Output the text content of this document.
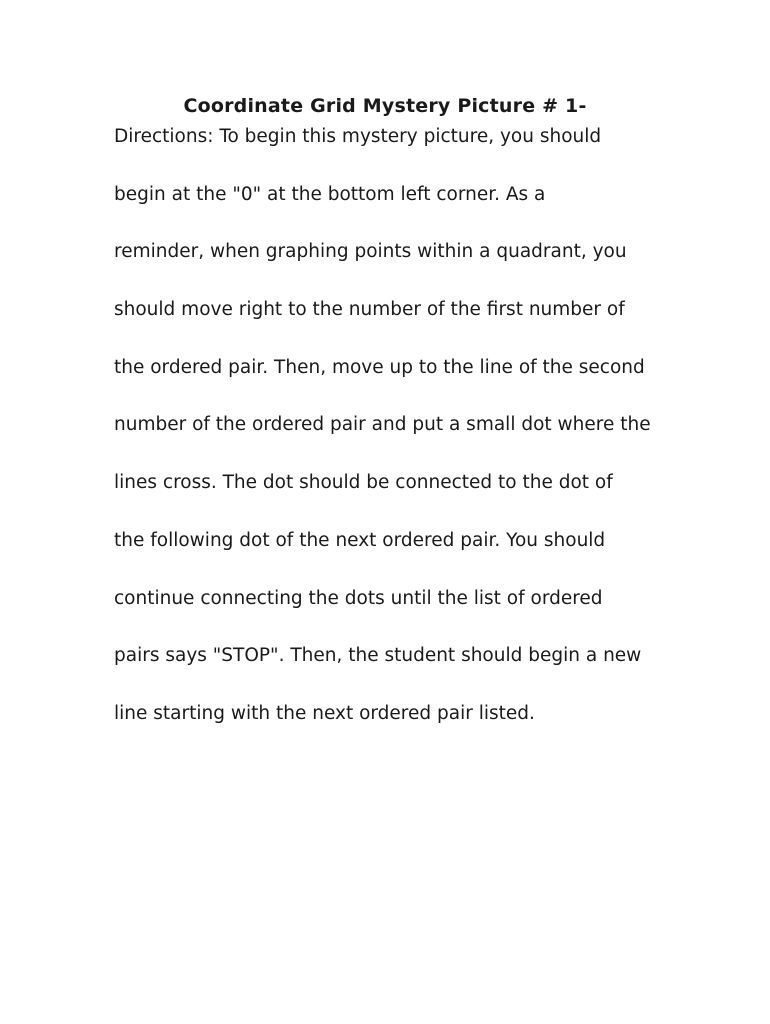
Coordinate Grid Mystery Picture # 1-
Directions: To begin this mystery picture, you should
begin at the "0" at the bottom left corner. As a
reminder, when graphing points within a quadrant, you
should move right to the number of the first number of
the ordered pair. Then, move up to the line of the second
number of the ordered pair and put a small dot where the
lines cross. The dot should be connected to the dot of
the following dot of the next ordered pair. You should
continue connecting the dots until the list of ordered
pairs says "STOP". Then, the student should begin a new
line starting with the next ordered pair listed.
